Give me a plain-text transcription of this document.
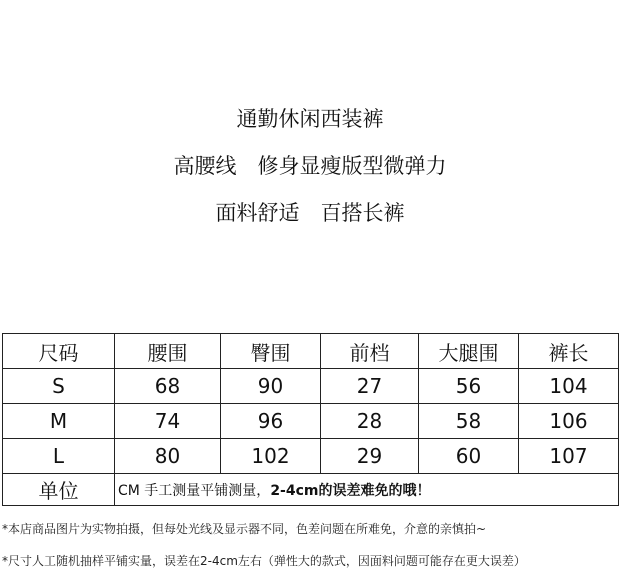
通勤休闲西装裤
高腰线　修身显瘦版型微弹力
面料舒适　百搭长裤
尺码	腰围	臀围	前档	大腿围	裤长
S	68	90	27	56	104
M	74	96	28	58	106
L	80	102	29	60	107
单位	CM 手工测量平铺测量，2-4cm的误差难免的哦！				
*本店商品图片为实物拍摄，但每处光线及显示器不同，色差问题在所难免，介意的亲慎拍~
*尺寸人工随机抽样平铺实量，误差在2-4cm左右（弹性大的款式，因面料问题可能存在更大误差）
